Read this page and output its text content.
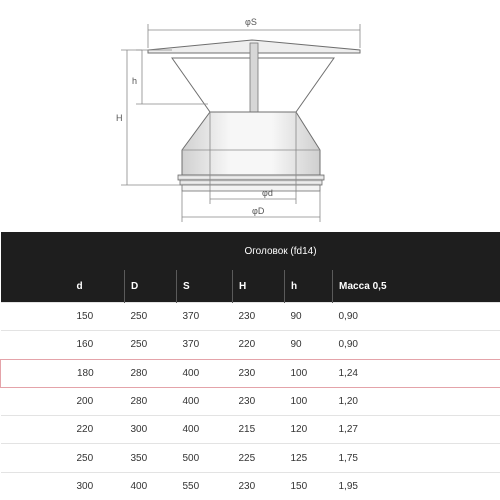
φS
h
H
φd
φD
Оголовок (fd14)					
d	D	S	H	h	Масса 0,5
150	250	370	230	90	0,90
160	250	370	220	90	0,90
180	280	400	230	100	1,24
200	280	400	230	100	1,20
220	300	400	215	120	1,27
250	350	500	225	125	1,75
300	400	550	230	150	1,95
